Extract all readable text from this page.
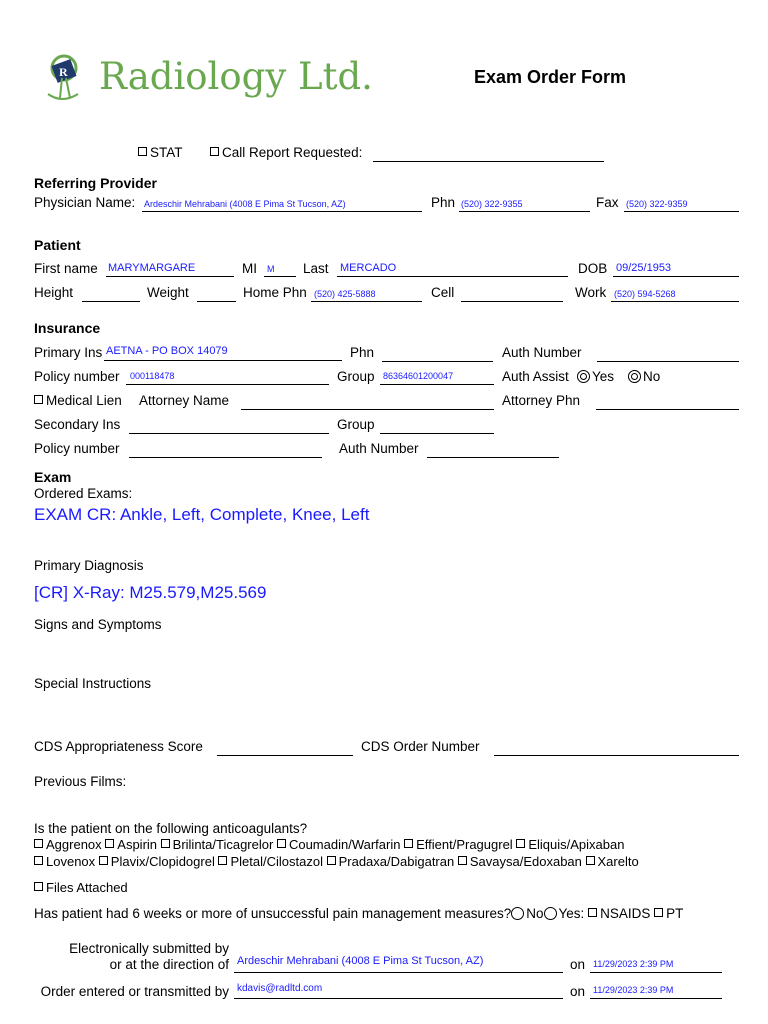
R Radiology Ltd.	Exam Order Form
STAT	Call Report Requested:
Referring Provider
Physician Name: Ardeschir Mehrabani (4008 E Pima St Tucson, AZ)	Phn (520) 322-9355	Fax (520) 322-9359
Patient
First name MARYMARGARE	MI M Last MERCADO	DOB 09/25/1953
Height	Weight	Home Phn (520) 425-5888	Cell	Work (520) 594-5268
Insurance
Primary Ins AETNA - PO BOX 14079	Phn	Auth Number
Policy number 000118478	Group 86364601200047	Auth Assist	Yes	No
Medical Lien Attorney Name	Attorney Phn
Secondary Ins	Group
Policy number	Auth Number
Exam
Ordered Exams:
EXAM CR: Ankle, Left, Complete, Knee, Left
Primary Diagnosis
[CR] X-Ray: M25.579,M25.569
Signs and Symptoms
Special Instructions
CDS Appropriateness Score	CDS Order Number
Previous Films:
Is the patient on the following anticoagulants?
Aggrenox Aspirin Brilinta/Ticagrelor Coumadin/Warfarin Effient/Pragugrel Eliquis/Apixaban
Lovenox Plavix/Clopidogrel Pletal/Cilostazol Pradaxa/Dabigatran Savaysa/Edoxaban Xarelto
Files Attached
Has patient had 6 weeks or more of unsuccessful pain management measures? No Yes: NSAIDS PT
Electronically submitted by
or at the direction of Ardeschir Mehrabani (4008 E Pima St Tucson, AZ)	on 11/29/2023 2:39 PM
Order entered or transmitted by kdavis@radltd.com	on 11/29/2023 2:39 PM
